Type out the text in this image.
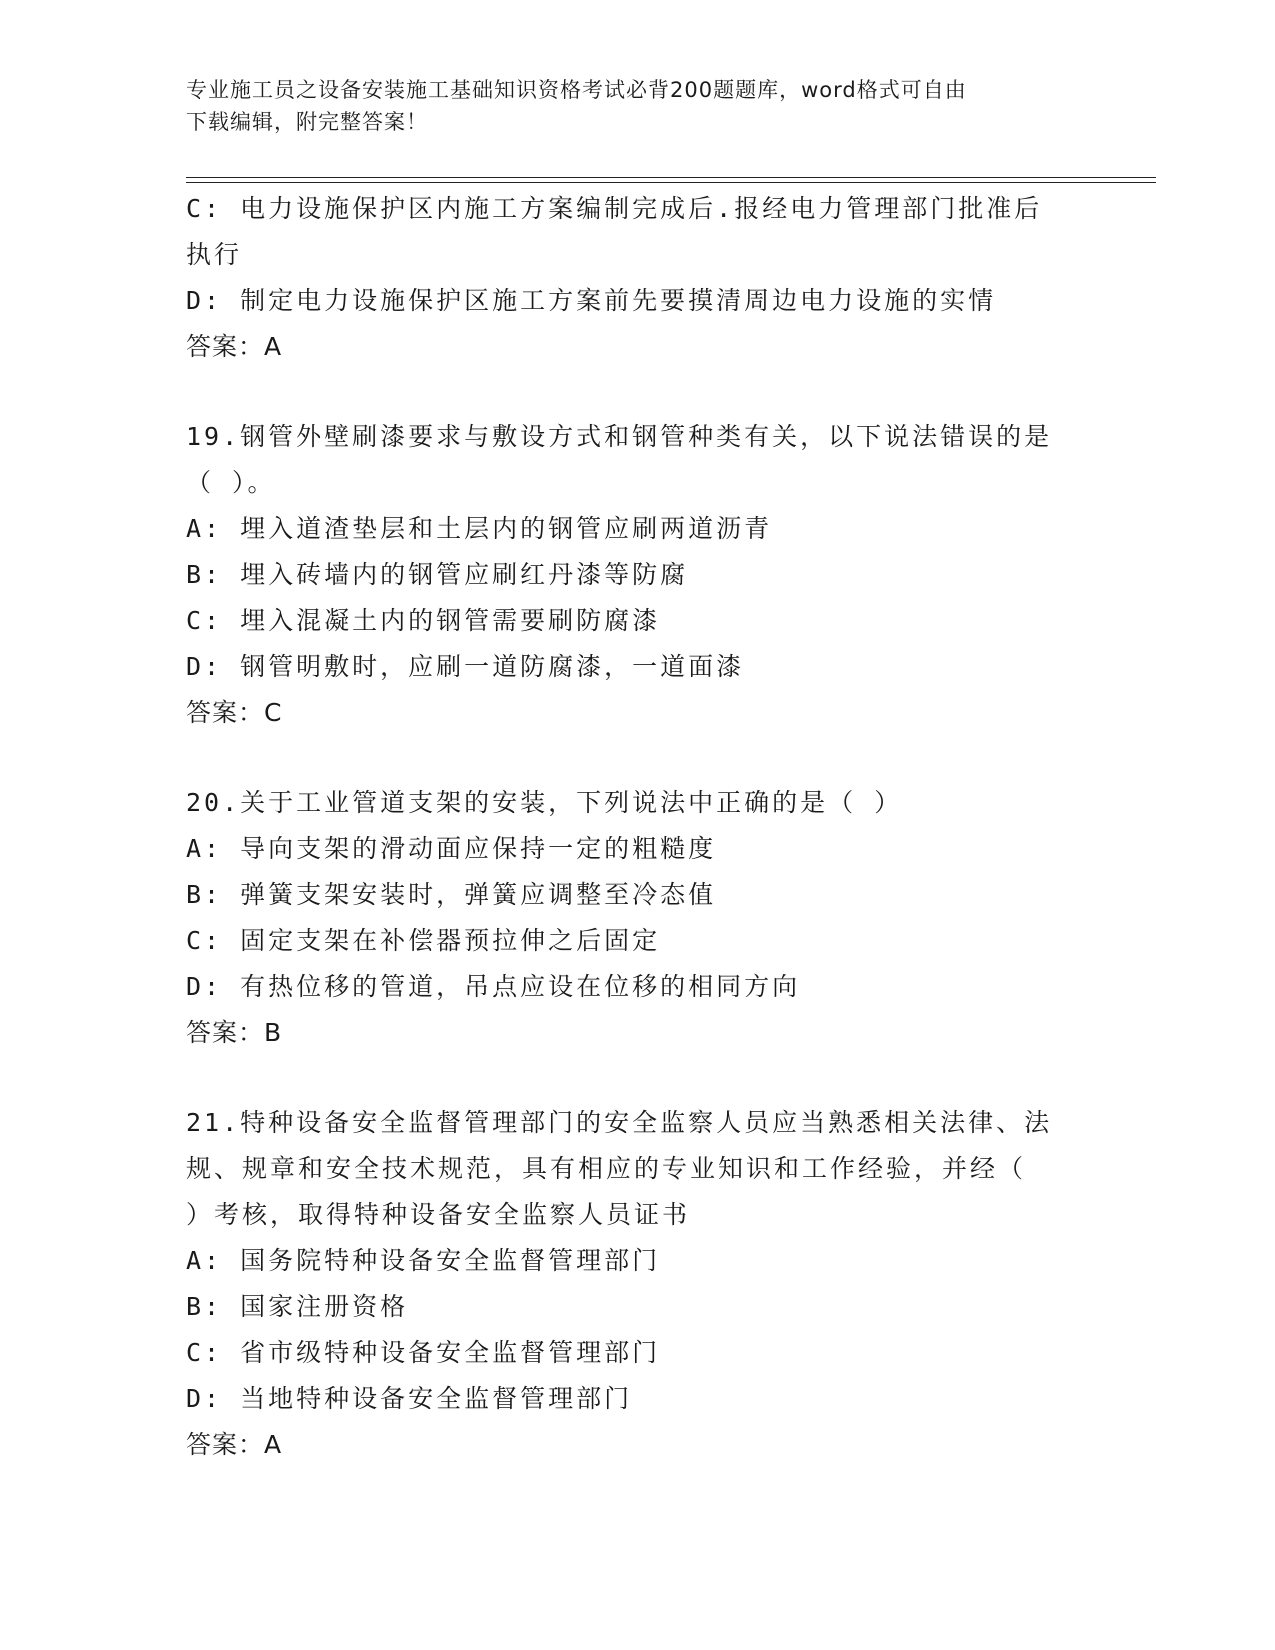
专业施工员之设备安装施工基础知识资格考试必背200题题库，word格式可自由
下载编辑，附完整答案！
C: 电力设施保护区内施工方案编制完成后.报经电力管理部门批准后
执行
D: 制定电力设施保护区施工方案前先要摸清周边电力设施的实情
答案：A
19.钢管外壁刷漆要求与敷设方式和钢管种类有关，以下说法错误的是
（ ）。
A: 埋入道渣垫层和土层内的钢管应刷两道沥青
B: 埋入砖墙内的钢管应刷红丹漆等防腐
C: 埋入混凝土内的钢管需要刷防腐漆
D: 钢管明敷时，应刷一道防腐漆，一道面漆
答案：C
20.关于工业管道支架的安装，下列说法中正确的是（ ）
A: 导向支架的滑动面应保持一定的粗糙度
B: 弹簧支架安装时，弹簧应调整至冷态值
C: 固定支架在补偿器预拉伸之后固定
D: 有热位移的管道，吊点应设在位移的相同方向
答案：B
21.特种设备安全监督管理部门的安全监察人员应当熟悉相关法律、法
规、规章和安全技术规范，具有相应的专业知识和工作经验，并经（
）考核，取得特种设备安全监察人员证书
A: 国务院特种设备安全监督管理部门
B: 国家注册资格
C: 省市级特种设备安全监督管理部门
D: 当地特种设备安全监督管理部门
答案：A
